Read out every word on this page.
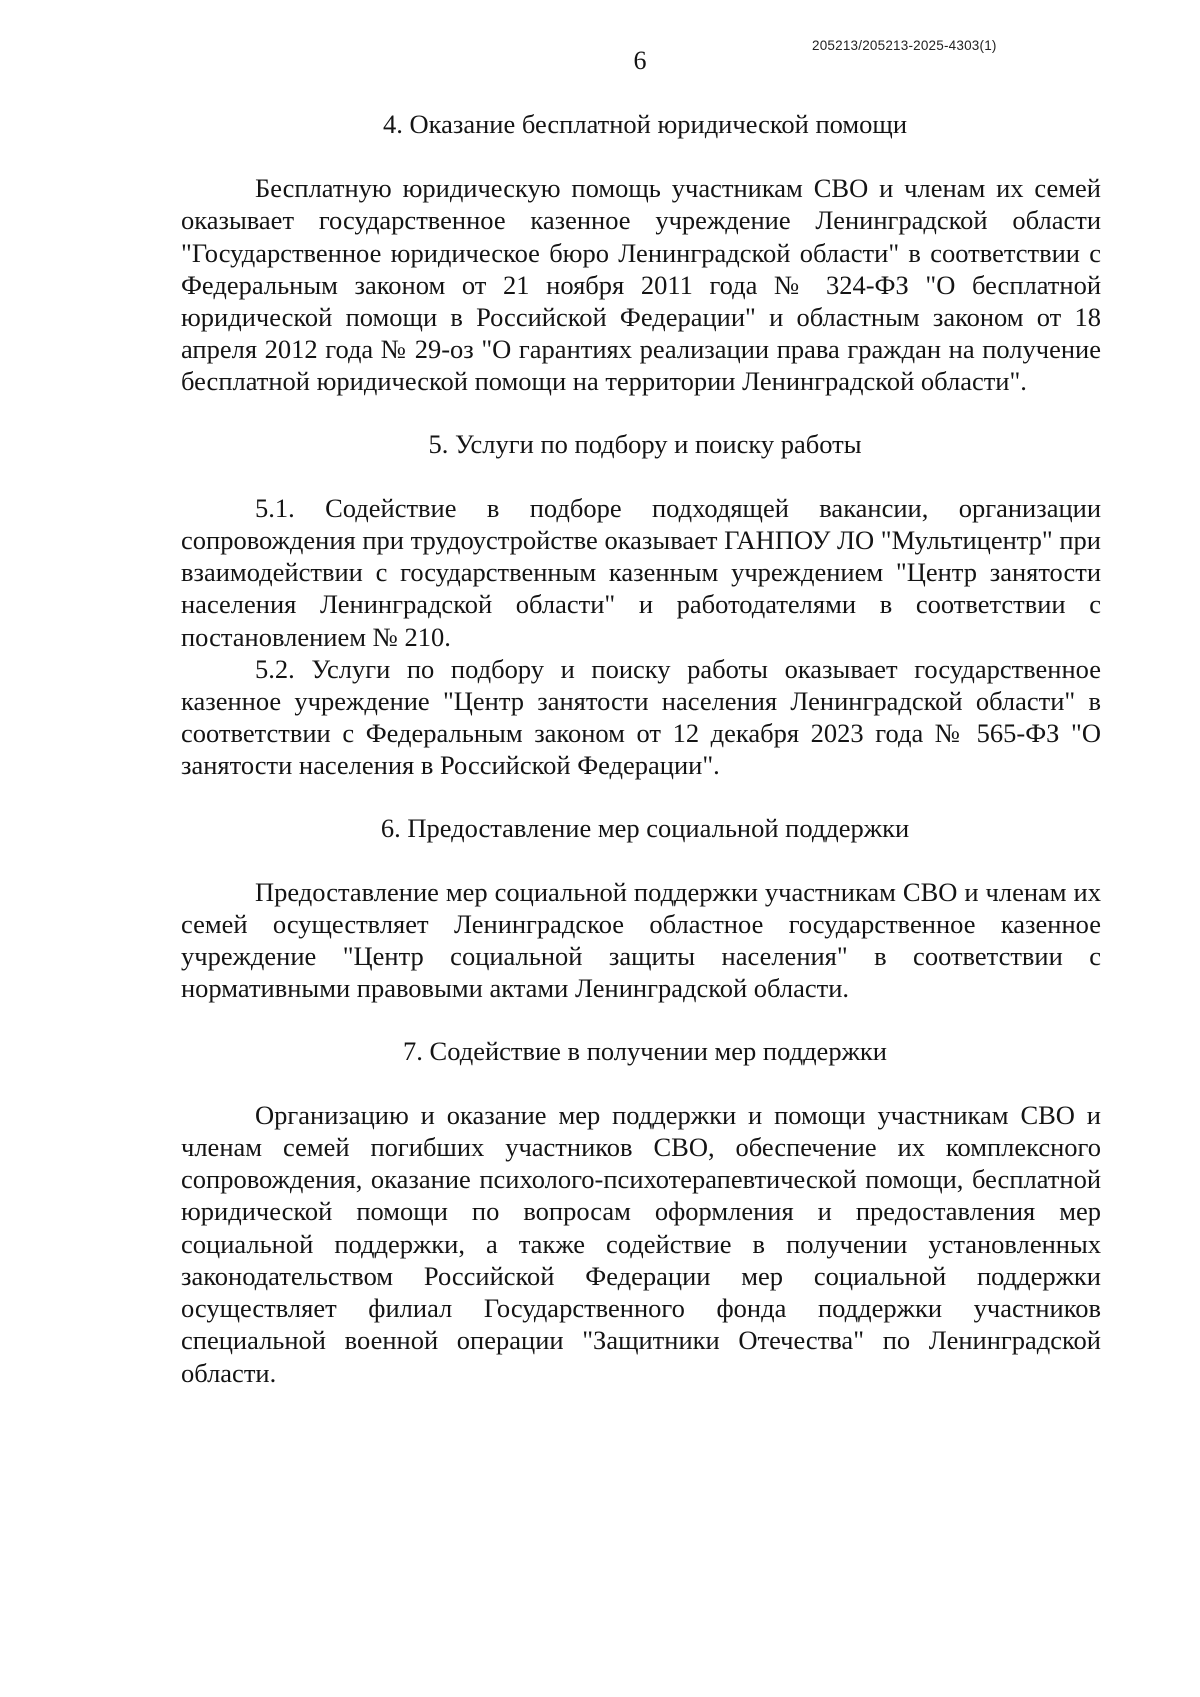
205213/205213-2025-4303(1)
6
4. Оказание бесплатной юридической помощи

Бесплатную юридическую помощь участникам СВО и членам их семей оказывает государственное казенное учреждение Ленинградской области "Государственное юридическое бюро Ленинградской области" в соответствии с Федеральным законом от 21 ноября 2011 года № 324-ФЗ "О бесплатной юридической помощи в Российской Федерации" и областным законом от 18 апреля 2012 года № 29-оз "О гарантиях реализации права граждан на получение бесплатной юридической помощи на территории Ленинградской области".

5. Услуги по подбору и поиску работы

5.1. Содействие в подборе подходящей вакансии, организации сопровождения при трудоустройстве оказывает ГАНПОУ ЛО "Мультицентр" при взаимодействии с государственным казенным учреждением "Центр занятости населения Ленинградской области" и работодателями в соответствии с постановлением № 210.

5.2. Услуги по подбору и поиску работы оказывает государственное казенное учреждение "Центр занятости населения Ленинградской области" в соответствии с Федеральным законом от 12 декабря 2023 года № 565-ФЗ "О занятости населения в Российской Федерации".

6. Предоставление мер социальной поддержки

Предоставление мер социальной поддержки участникам СВО и членам их семей осуществляет Ленинградское областное государственное казенное учреждение "Центр социальной защиты населения" в соответствии с нормативными правовыми актами Ленинградской области.

7. Содействие в получении мер поддержки

Организацию и оказание мер поддержки и помощи участникам СВО и членам семей погибших участников СВО, обеспечение их комплексного сопровождения, оказание психолого-психотерапевтической помощи, бесплатной юридической помощи по вопросам оформления и предоставления мер социальной поддержки, а также содействие в получении установленных законодательством Российской Федерации мер социальной поддержки осуществляет филиал Государственного фонда поддержки участников специальной военной операции "Защитники Отечества" по Ленинградской области.
